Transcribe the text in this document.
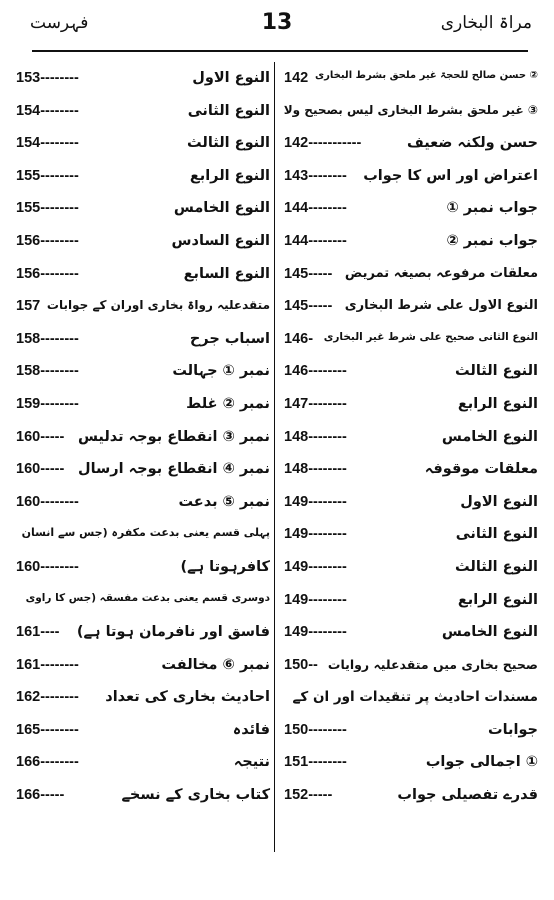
فہرست	13	مراۃ البخاری
النوع الاول
153--------
النوع الثانی
154--------
النوع الثالث
154--------
النوع الرابع
155--------
النوع الخامس
155--------
النوع السادس
156--------
النوع السابع
156--------
متقدعلیہ رواۃ بخاری اوران کے جوابات
157
اسباب جرح
158--------
نمبر ① جہالت
158--------
نمبر ② غلط
159--------
نمبر ③ انقطاع بوجہ تدلیس
160-----
نمبر ④ انقطاع بوجہ ارسال
160-----
نمبر ⑤ بدعت
160--------
پہلی قسم یعنی بدعت مکفرہ (جس سے انسان
کافرہوتا ہے)
160--------
دوسری قسم یعنی بدعت مفسقہ (جس کا راوی
فاسق اور نافرمان ہوتا ہے)
161----
نمبر ⑥ مخالفت
161--------
احادیث بخاری کی تعداد
162--------
فائدہ
165--------
نتیجہ
166--------
کتاب بخاری کے نسخے
166-----
② حسن صالح للحجۃ غیر ملحق بشرط البخاری
142
③ غیر ملحق بشرط البخاری لیس بصحیح ولا
حسن ولکنہ ضعیف
142-----------
اعتراض اور اس کا جواب
143--------
جواب نمبر ①
144--------
جواب نمبر ②
144--------
معلقات مرفوعہ بصیغہ تمریض
145-----
النوع الاول علی شرط البخاری
145-----
النوع الثانی صحیح علی شرط غیر البخاری
146-
النوع الثالث
146--------
النوع الرابع
147--------
النوع الخامس
148--------
معلقات موقوفہ
148--------
النوع الاول
149--------
النوع الثانی
149--------
النوع الثالث
149--------
النوع الرابع
149--------
النوع الخامس
149--------
صحیح بخاری میں متقدعلیہ روایات
150--
مسندات احادیث پر تنقیدات اور ان کے
جوابات
150--------
① اجمالی جواب
151--------
قدرے تفصیلی جواب
152-----
